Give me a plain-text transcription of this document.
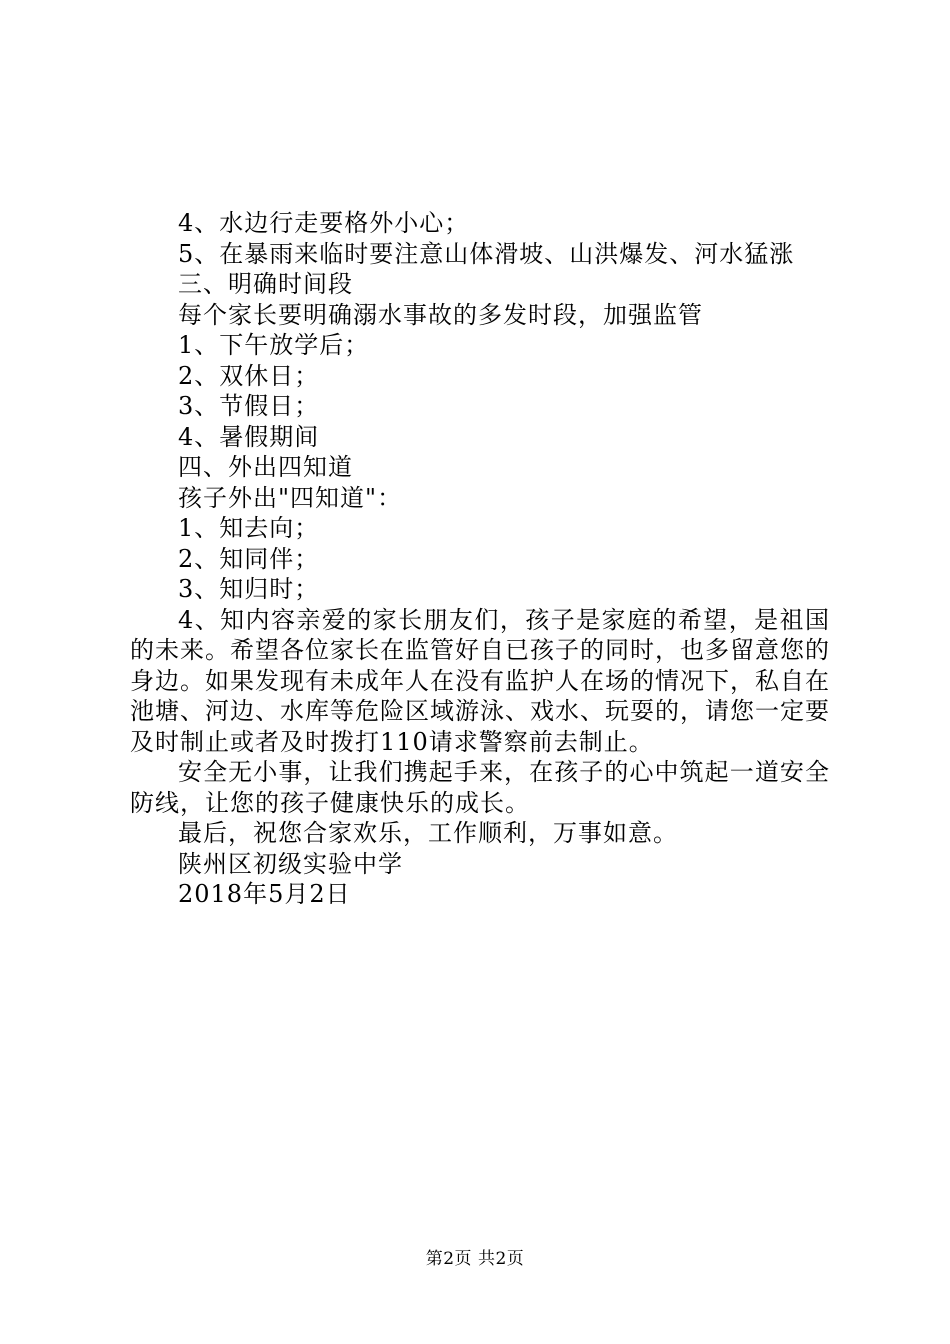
4、水边行走要格外小心；

5、在暴雨来临时要注意山体滑坡、山洪爆发、河水猛涨

三、明确时间段

每个家长要明确溺水事故的多发时段，加强监管

1、下午放学后；

2、双休日；

3、节假日；

4、暑假期间

四、外出四知道

孩子外出"四知道"：

1、知去向；

2、知同伴；

3、知归时；

4、知内容亲爱的家长朋友们，孩子是家庭的希望，是祖国的未来。希望各位家长在监管好自已孩子的同时，也多留意您的身边。如果发现有未成年人在没有监护人在场的情况下，私自在池塘、河边、水库等危险区域游泳、戏水、玩耍的，请您一定要及时制止或者及时拨打110请求警察前去制止。

安全无小事，让我们携起手来，在孩子的心中筑起一道安全防线，让您的孩子健康快乐的成长。

最后，祝您合家欢乐，工作顺利，万事如意。

陕州区初级实验中学

2018年5月2日

第2页 共2页
